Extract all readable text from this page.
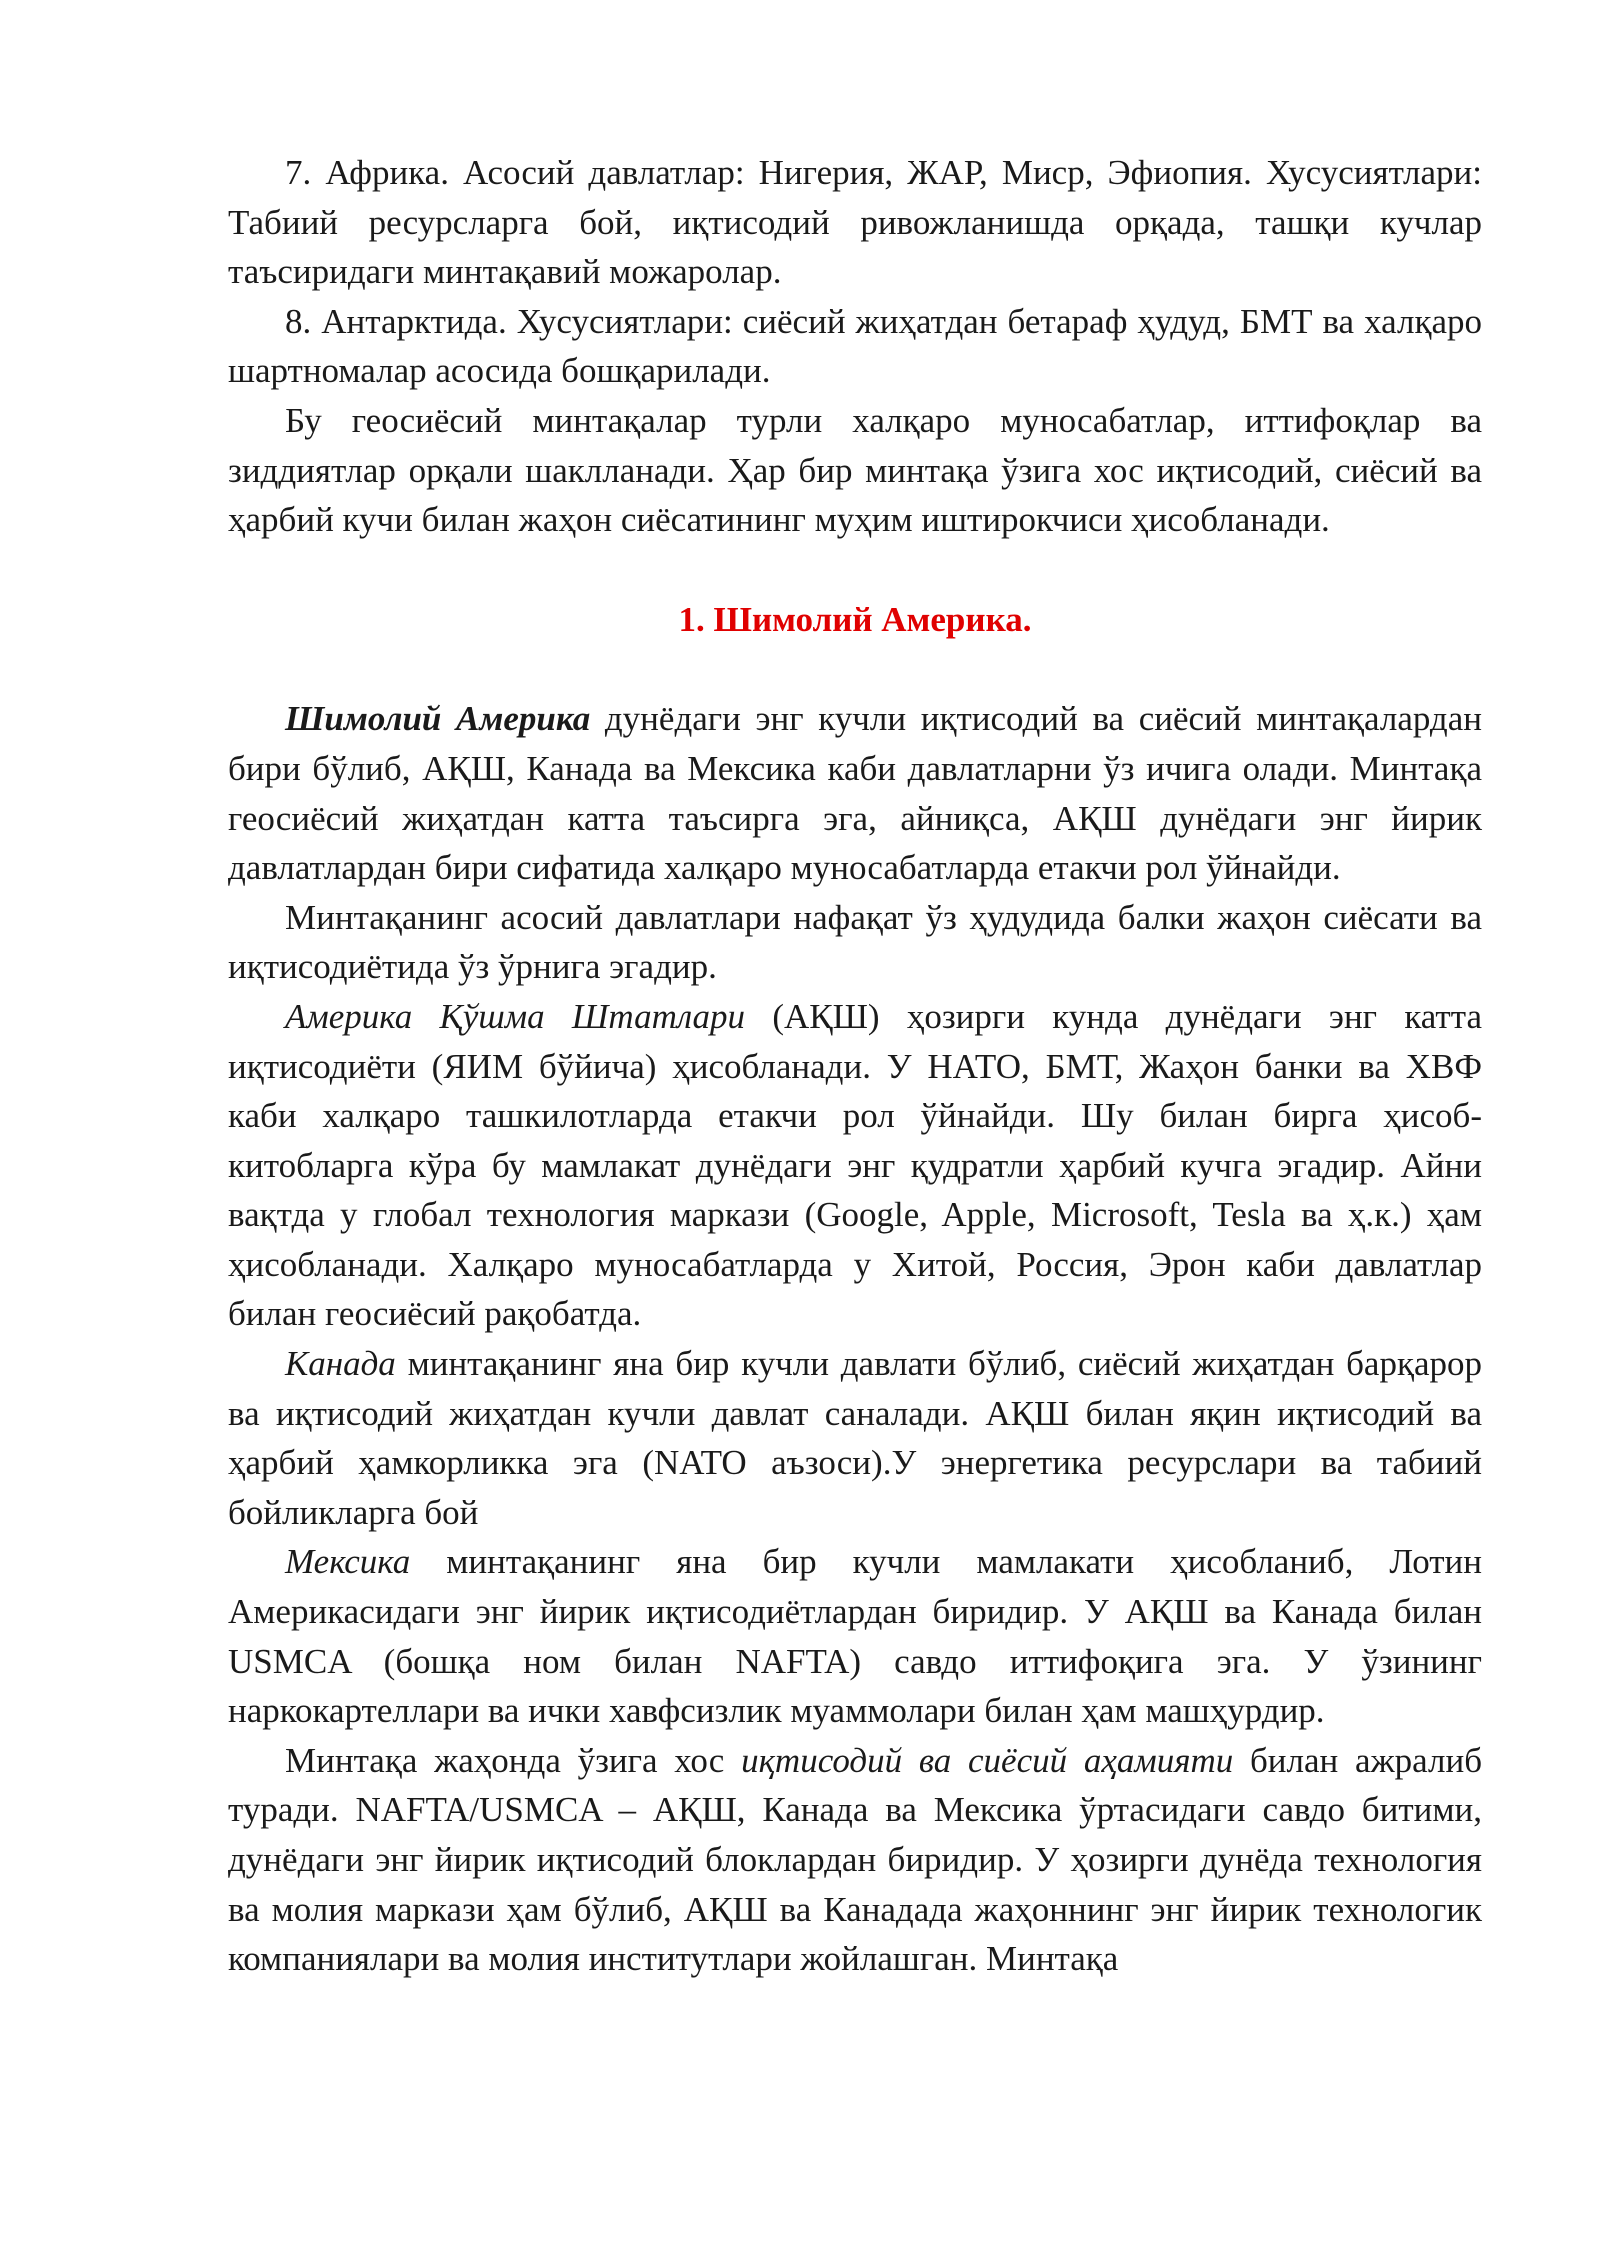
7. Африка. Асосий давлатлар: Нигерия, ЖАР, Миср, Эфиопия. Хусусиятлари: Табиий ресурсларга бой, иқтисодий ривожланишда орқада, ташқи кучлар таъсиридаги минтақавий можаролар.

8. Антарктида. Хусусиятлари: сиёсий жиҳатдан бетараф ҳудуд, БМТ ва халқаро шартномалар асосида бошқарилади.

Бу геосиёсий минтақалар турли халқаро муносабатлар, иттифоқлар ва зиддиятлар орқали шаклланади. Ҳар бир минтақа ўзига хос иқтисодий, сиёсий ва ҳарбий кучи билан жаҳон сиёсатининг муҳим иштирокчиси ҳисобланади.

1. Шимолий Америка.

Шимолий Америка дунёдаги энг кучли иқтисодий ва сиёсий минтақалардан бири бўлиб, АҚШ, Канада ва Мексика каби давлатларни ўз ичига олади. Минтақа геосиёсий жиҳатдан катта таъсирга эга, айниқса, АҚШ дунёдаги энг йирик давлатлардан бири сифатида халқаро муносабатларда етакчи рол ўйнайди.

Минтақанинг асосий давлатлари нафақат ўз ҳудудида балки жаҳон сиёсати ва иқтисодиётида ўз ўрнига эгадир.

Америка Қўшма Штатлари (АҚШ) ҳозирги кунда дунёдаги энг катта иқтисодиёти (ЯИМ бўйича) ҳисобланади. У НАТО, БМТ, Жаҳон банки ва ХВФ каби халқаро ташкилотларда етакчи рол ўйнайди. Шу билан бирга ҳисоб-китобларга кўра бу мамлакат дунёдаги энг қудратли ҳарбий кучга эгадир. Айни вақтда у глобал технология маркази (Google, Apple, Microsoft, Tesla ва ҳ.к.) ҳам ҳисобланади. Халқаро муносабатларда у Хитой, Россия, Эрон каби давлатлар билан геосиёсий рақобатда.

Канада минтақанинг яна бир кучли давлати бўлиб, сиёсий жиҳатдан барқарор ва иқтисодий жиҳатдан кучли давлат саналади. АҚШ билан яқин иқтисодий ва ҳарбий ҳамкорликка эга (NATO аъзоси).У энергетика ресурслари ва табиий бойликларга бой

Мексика минтақанинг яна бир кучли мамлакати ҳисобланиб, Лотин Америкасидаги энг йирик иқтисодиётлардан биридир. У АҚШ ва Канада билан USMCA (бошқа ном билан NAFTA) савдо иттифоқига эга. У ўзининг наркокартеллари ва ички хавфсизлик муаммолари билан ҳам машҳурдир.

Минтақа жаҳонда ўзига хос иқтисодий ва сиёсий аҳамияти билан ажралиб туради. NAFTA/USMCA – АҚШ, Канада ва Мексика ўртасидаги савдо битими, дунёдаги энг йирик иқтисодий блоклардан биридир. У ҳозирги дунёда технология ва молия маркази ҳам бўлиб, АҚШ ва Канадада жаҳоннинг энг йирик технологик компаниялари ва молия институтлари жойлашган. Минтақа
